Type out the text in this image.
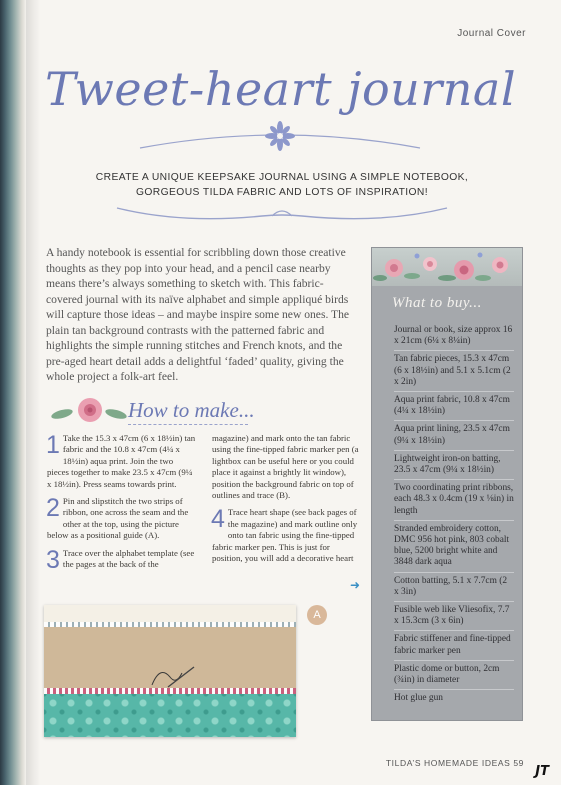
Journal Cover
Tweet-heart journal
CREATE A UNIQUE KEEPSAKE JOURNAL USING A SIMPLE NOTEBOOK, GORGEOUS TILDA FABRIC AND LOTS OF INSPIRATION!

A handy notebook is essential for scribbling down those creative thoughts as they pop into your head, and a pencil case nearby means there’s always something to sketch with. This fabric-covered journal with its naïve alphabet and simple appliqué birds will capture those ideas – and maybe inspire some new ones. The plain tan background contrasts with the patterned fabric and highlights the simple running stitches and French knots, and the pre-aged heart detail adds a delightful ‘faded’ quality, giving the whole project a folk-art feel.

What to buy...
Journal or book, size approx 16 x 21cm (6¼ x 8¼in)
Tan fabric pieces, 15.3 x 47cm (6 x 18½in) and 5.1 x 5.1cm (2 x 2in)
Aqua print fabric, 10.8 x 47cm (4¼ x 18½in)
Aqua print lining, 23.5 x 47cm (9¼ x 18½in)
Lightweight iron-on batting, 23.5 x 47cm (9¼ x 18½in)
Two coordinating print ribbons, each 48.3 x 0.4cm (19 x ⅛in) in length
Stranded embroidery cotton, DMC 956 hot pink, 803 cobalt blue, 5200 bright white and 3848 dark aqua
Cotton batting, 5.1 x 7.7cm (2 x 3in)
Fusible web like Vliesofix, 7.7 x 15.3cm (3 x 6in)
Fabric stiffener and fine-tipped fabric marker pen
Plastic dome or button, 2cm (¾in) in diameter
Hot glue gun
How to make...
1 Take the 15.3 x 47cm (6 x 18½in) tan fabric and the 10.8 x 47cm (4¼ x 18½in) aqua print. Join the two pieces together to make 23.5 x 47cm (9¼ x 18½in). Press seams towards print.
2 Pin and slipstitch the two strips of ribbon, one across the seam and the other at the top, using the picture below as a positional guide (A).
3 Trace over the alphabet template (see the pages at the back of the
magazine) and mark onto the tan fabric using the fine-tipped fabric marker pen (a lightbox can be useful here or you could place it against a brightly lit window), position the background fabric on top of outlines and trace (B).
4 Trace heart shape (see back pages of the magazine) and mark outline only onto tan fabric using the fine-tipped fabric marker pen. This is just for position, you will add a decorative heart
➜
A
TILDA’S HOMEMADE IDEAS 59
JT
